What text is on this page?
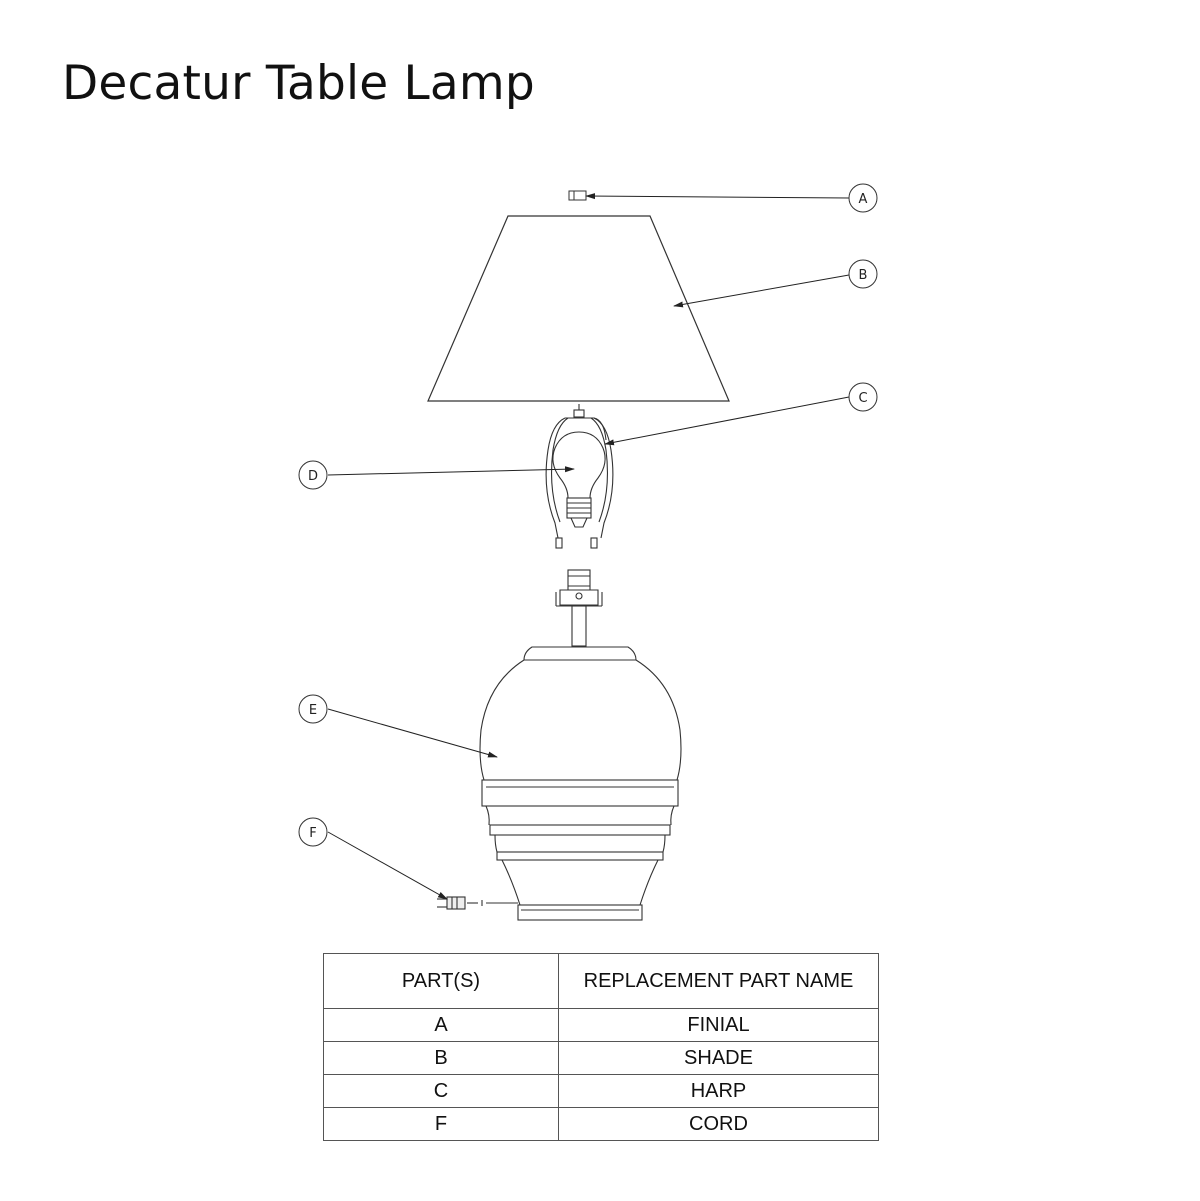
Decatur Table Lamp
A
B
C
D
E
F
PART(S)	REPLACEMENT PART NAME
A	FINIAL
B	SHADE
C	HARP
F	CORD
